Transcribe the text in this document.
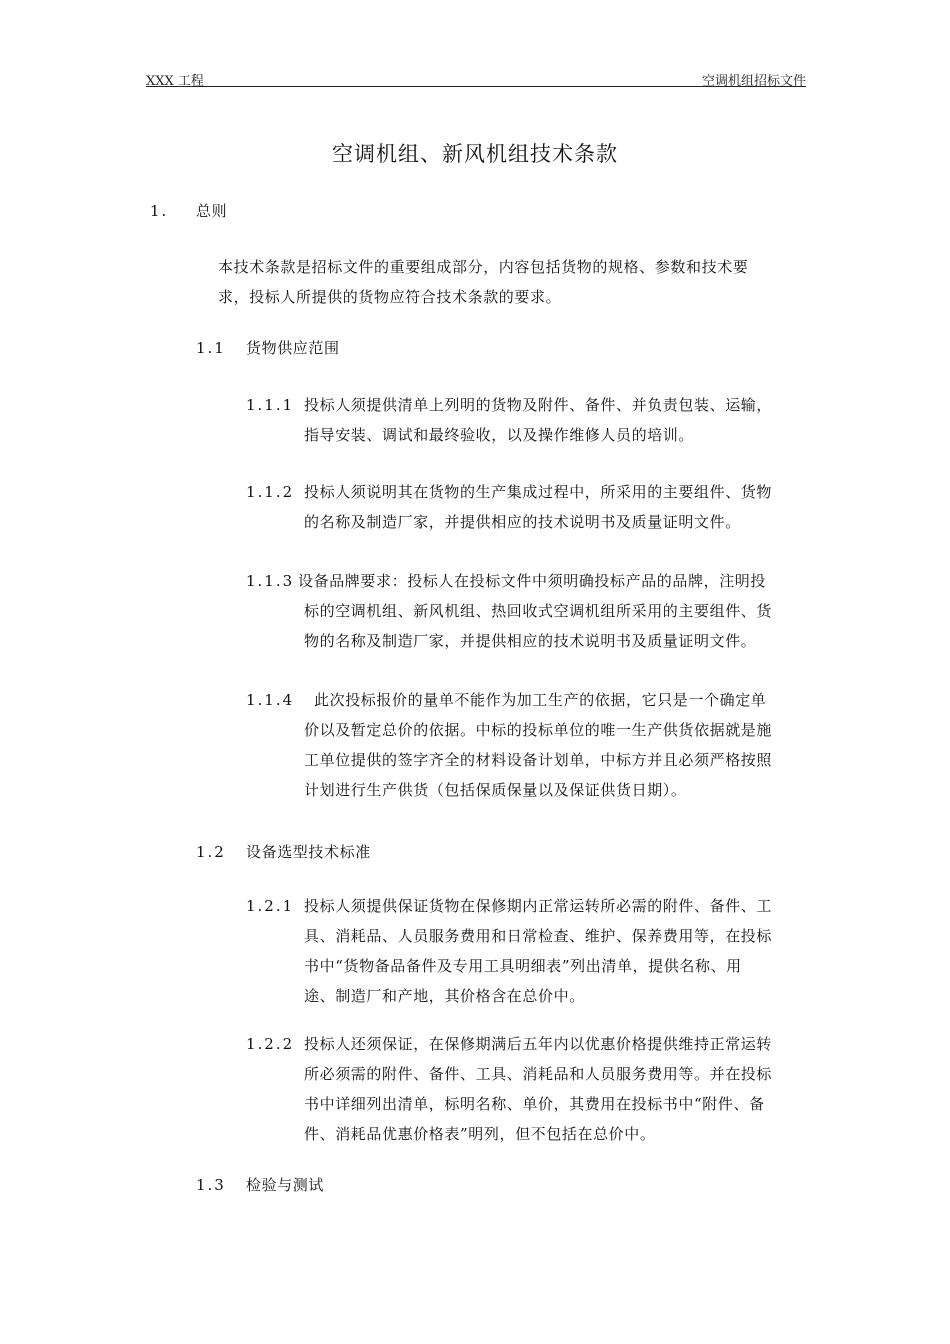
XXX 工程	空调机组招标文件
空调机组、新风机组技术条款
1. 总则
本技术条款是招标文件的重要组成部分，内容包括货物的规格、参数和技术要
求，投标人所提供的货物应符合技术条款的要求。
1.1 货物供应范围
1.1.1 投标人须提供清单上列明的货物及附件、备件、并负责包装、运输，
指导安装、调试和最终验收，以及操作维修人员的培训。
1.1.2 投标人须说明其在货物的生产集成过程中，所采用的主要组件、货物
的名称及制造厂家，并提供相应的技术说明书及质量证明文件。
1.1.3 设备品牌要求：投标人在投标文件中须明确投标产品的品牌，注明投
标的空调机组、新风机组、热回收式空调机组所采用的主要组件、货
物的名称及制造厂家，并提供相应的技术说明书及质量证明文件。
1.1.4 此次投标报价的量单不能作为加工生产的依据，它只是一个确定单
价以及暂定总价的依据。中标的投标单位的唯一生产供货依据就是施
工单位提供的签字齐全的材料设备计划单，中标方并且必须严格按照
计划进行生产供货（包括保质保量以及保证供货日期）。
1.2 设备选型技术标准
1.2.1 投标人须提供保证货物在保修期内正常运转所必需的附件、备件、工
具、消耗品、人员服务费用和日常检查、维护、保养费用等，在投标
书中“货物备品备件及专用工具明细表”列出清单，提供名称、用
途、制造厂和产地，其价格含在总价中。
1.2.2 投标人还须保证，在保修期满后五年内以优惠价格提供维持正常运转
所必须需的附件、备件、工具、消耗品和人员服务费用等。并在投标
书中详细列出清单，标明名称、单价，其费用在投标书中“附件、备
件、消耗品优惠价格表”明列，但不包括在总价中。
1.3 检验与测试
